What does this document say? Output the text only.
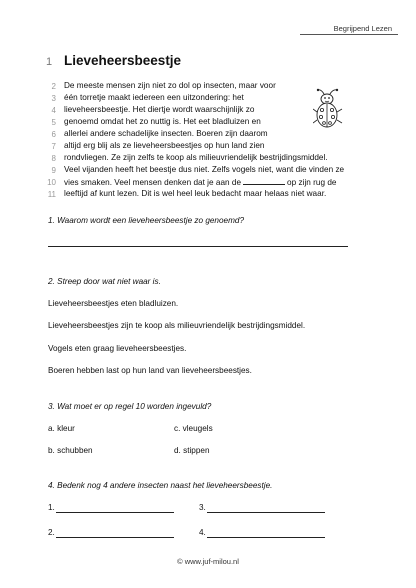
Begrijpend Lezen
1 Lieveheersbeestje
2 De meeste mensen zijn niet zo dol op insecten, maar voor
3 één torretje maakt iedereen een uitzondering: het
4 lieveheersbeestje. Het diertje wordt waarschijnlijk zo
5 genoemd omdat het zo nuttig is. Het eet bladluizen en
6 allerlei andere schadelijke insecten. Boeren zijn daarom
7 altijd erg blij als ze lieveheersbeestjes op hun land zien
8 rondvliegen. Ze zijn zelfs te koop als milieuvriendelijk bestrijdingsmiddel.
9 Veel vijanden heeft het beestje dus niet. Zelfs vogels niet, want die vinden ze
10 vies smaken. Veel mensen denken dat je aan de	op zijn rug de
11 leeftijd af kunt lezen. Dit is wel heel leuk bedacht maar helaas niet waar.
1. Waarom wordt een lieveheersbeestje zo genoemd?
2. Streep door wat niet waar is.
Lieveheersbeestjes eten bladluizen.
Lieveheersbeestjes zijn te koop als milieuvriendelijk bestrijdingsmiddel.
Vogels eten graag lieveheersbeestjes.
Boeren hebben last op hun land van lieveheersbeestjes.
3. Wat moet er op regel 10 worden ingevuld?
a. kleur	c. vleugels
b. schubben	d. stippen
4. Bedenk nog 4 andere insecten naast het lieveheersbeestje.
1.	3.
2.	4.
© www.juf-milou.nl
